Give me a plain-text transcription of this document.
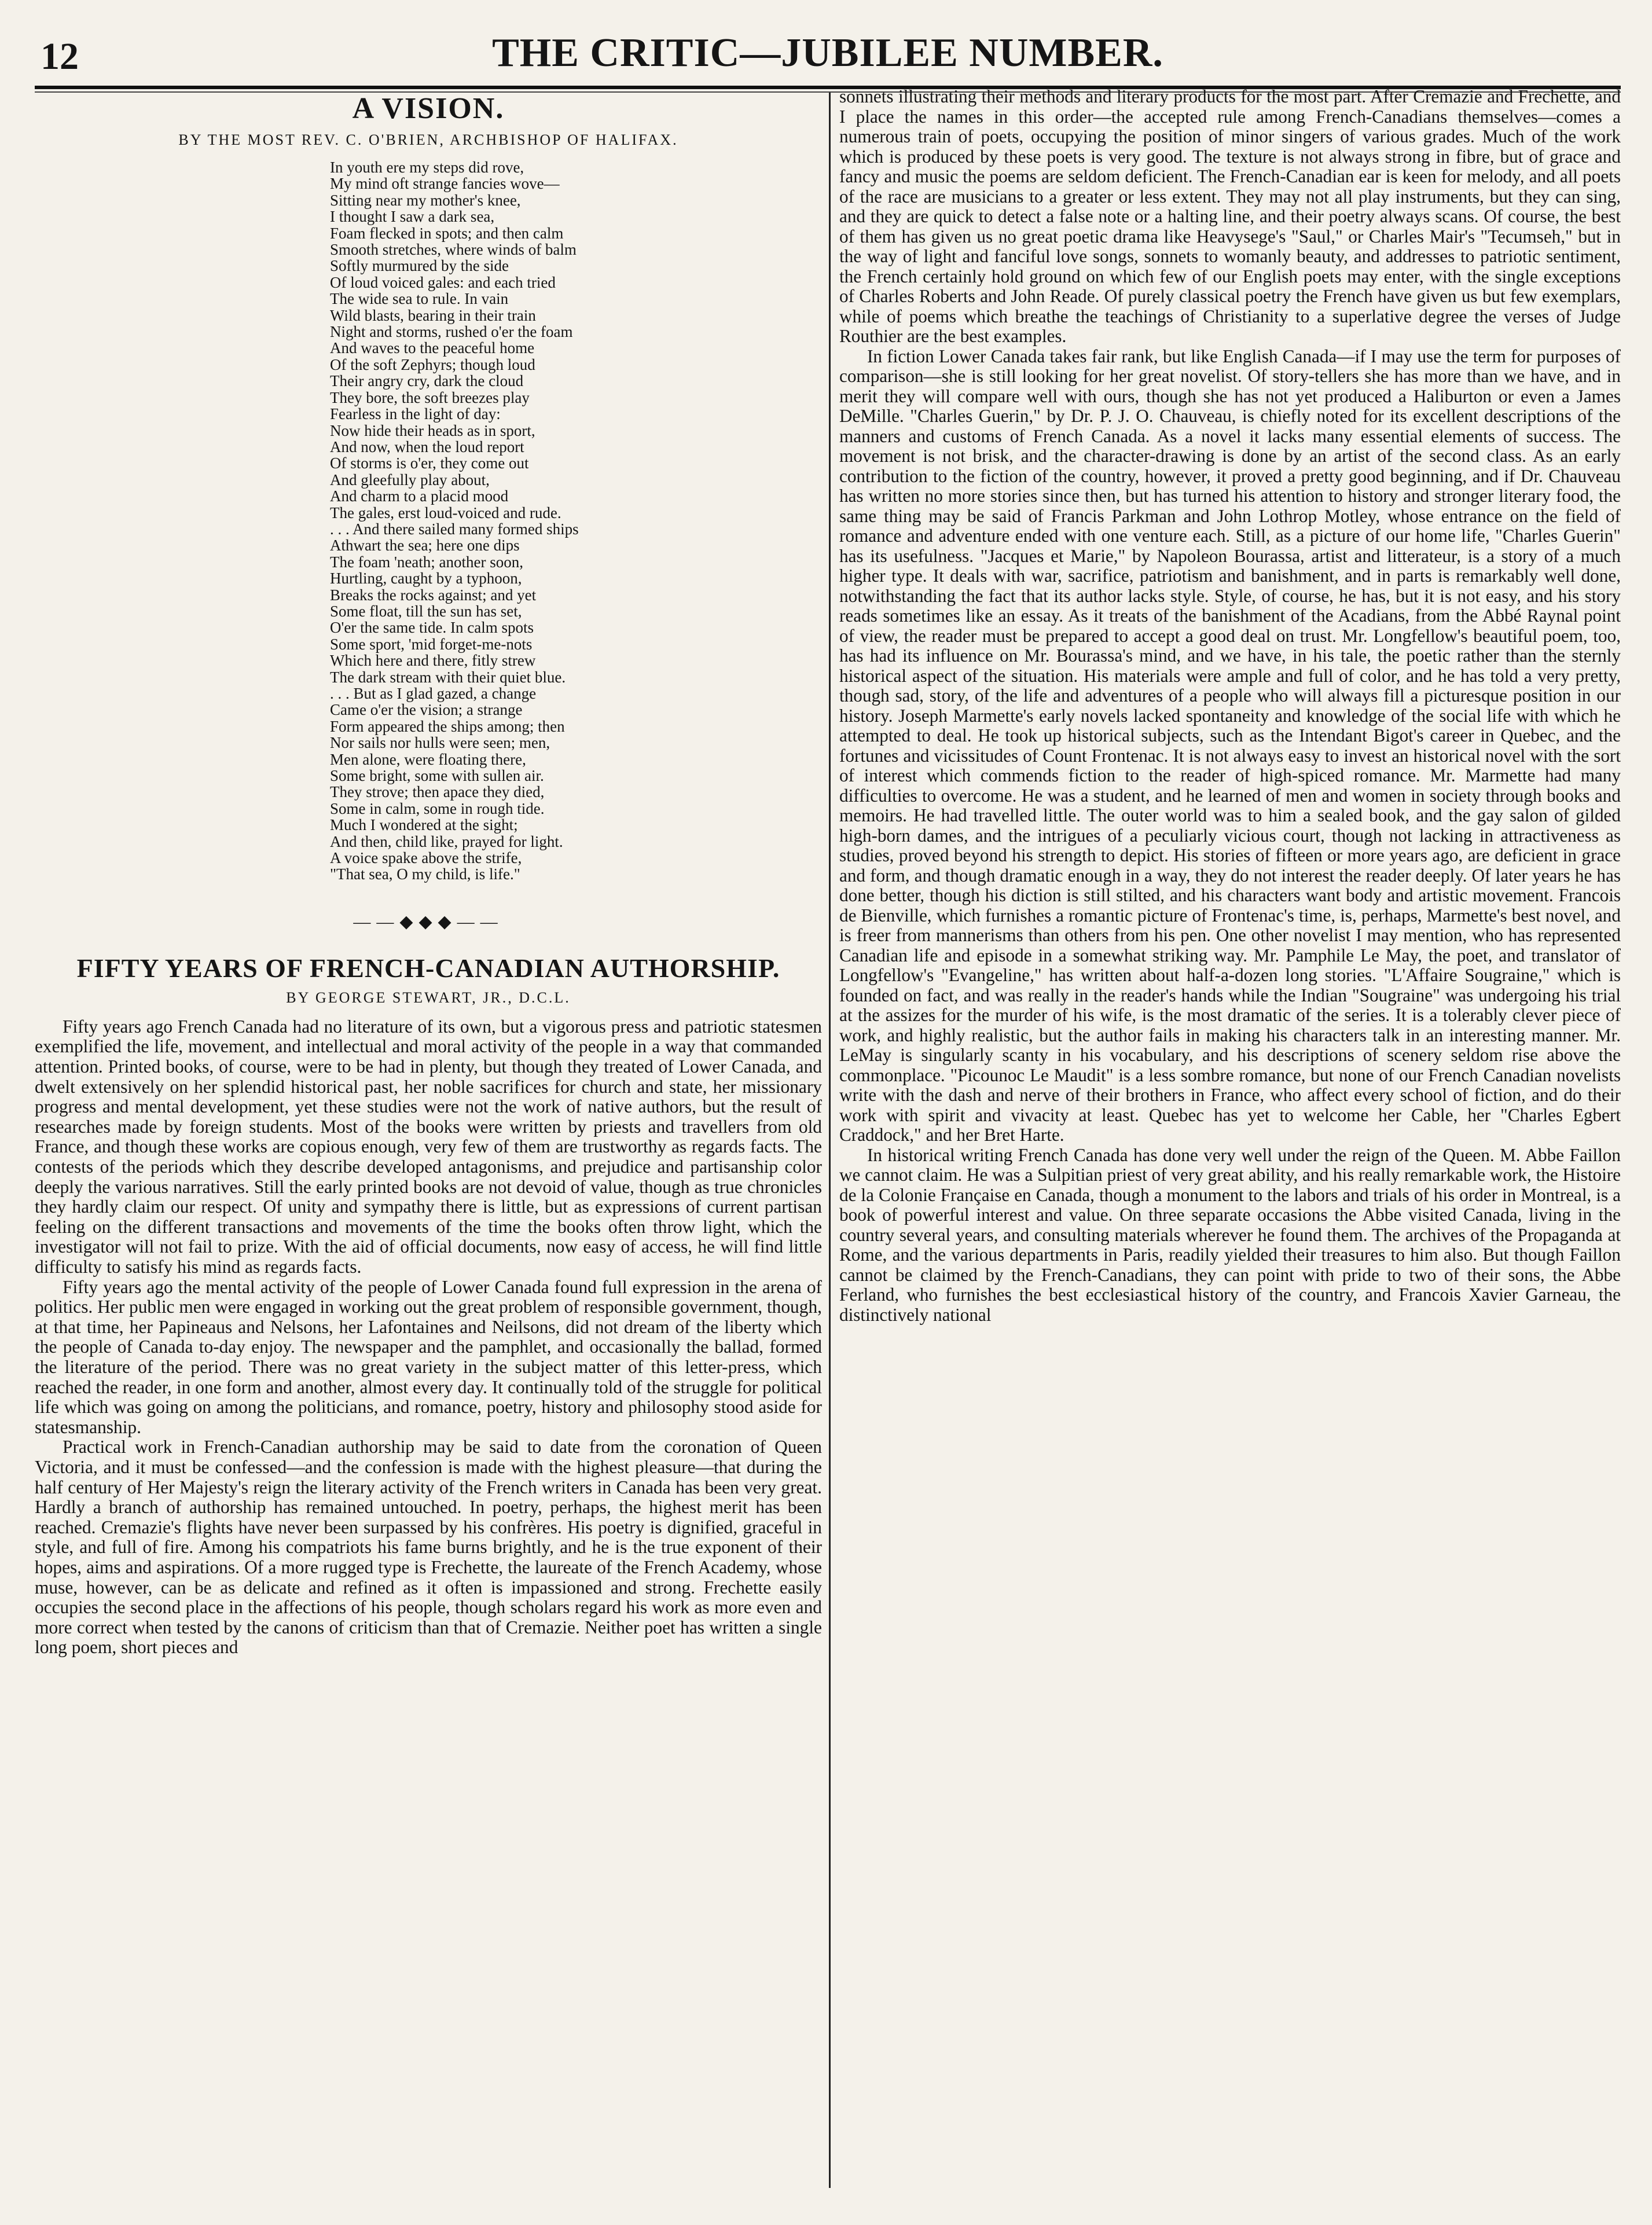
12	THE CRITIC—JUBILEE NUMBER.
A VISION.
BY THE MOST REV. C. O'BRIEN, ARCHBISHOP OF HALIFAX.
In youth ere my steps did rove,
My mind oft strange fancies wove—
Sitting near my mother's knee,
I thought I saw a dark sea,
Foam flecked in spots; and then calm
Smooth stretches, where winds of balm
Softly murmured by the side
Of loud voiced gales: and each tried
The wide sea to rule. In vain
Wild blasts, bearing in their train
Night and storms, rushed o'er the foam
And waves to the peaceful home
Of the soft Zephyrs; though loud
Their angry cry, dark the cloud
They bore, the soft breezes play
Fearless in the light of day:
Now hide their heads as in sport,
And now, when the loud report
Of storms is o'er, they come out
And gleefully play about,
And charm to a placid mood
The gales, erst loud-voiced and rude.
. . . And there sailed many formed ships
Athwart the sea; here one dips
The foam 'neath; another soon,
Hurtling, caught by a typhoon,
Breaks the rocks against; and yet
Some float, till the sun has set,
O'er the same tide. In calm spots
Some sport, 'mid forget-me-nots
Which here and there, fitly strew
The dark stream with their quiet blue.
. . . But as I glad gazed, a change
Came o'er the vision; a strange
Form appeared the ships among; then
Nor sails nor hulls were seen; men,
Men alone, were floating there,
Some bright, some with sullen air.
They strove; then apace they died,
Some in calm, some in rough tide.
Much I wondered at the sight;
And then, child like, prayed for light.
A voice spake above the strife,
"That sea, O my child, is life."
——◆◆◆——
FIFTY YEARS OF FRENCH-CANADIAN AUTHORSHIP.
BY GEORGE STEWART, JR., D.C.L.

Fifty years ago French Canada had no literature of its own, but a vigorous press and patriotic statesmen exemplified the life, movement, and intellectual and moral activity of the people in a way that commanded attention. Printed books, of course, were to be had in plenty, but though they treated of Lower Canada, and dwelt extensively on her splendid historical past, her noble sacrifices for church and state, her missionary progress and mental development, yet these studies were not the work of native authors, but the result of researches made by foreign students. Most of the books were written by priests and travellers from old France, and though these works are copious enough, very few of them are trustworthy as regards facts. The contests of the periods which they describe developed antagonisms, and prejudice and partisanship color deeply the various narratives. Still the early printed books are not devoid of value, though as true chronicles they hardly claim our respect. Of unity and sympathy there is little, but as expressions of current partisan feeling on the different transactions and movements of the time the books often throw light, which the investigator will not fail to prize. With the aid of official documents, now easy of access, he will find little difficulty to satisfy his mind as regards facts.

Fifty years ago the mental activity of the people of Lower Canada found full expression in the arena of politics. Her public men were engaged in working out the great problem of responsible government, though, at that time, her Papineaus and Nelsons, her Lafontaines and Neilsons, did not dream of the liberty which the people of Canada to-day enjoy. The newspaper and the pamphlet, and occasionally the ballad, formed the literature of the period. There was no great variety in the subject matter of this letter-press, which reached the reader, in one form and another, almost every day. It continually told of the struggle for political life which was going on among the politicians, and romance, poetry, history and philosophy stood aside for statesmanship.

Practical work in French-Canadian authorship may be said to date from the coronation of Queen Victoria, and it must be confessed—and the confession is made with the highest pleasure—that during the half century of Her Majesty's reign the literary activity of the French writers in Canada has been very great. Hardly a branch of authorship has remained untouched. In poetry, perhaps, the highest merit has been reached. Cremazie's flights have never been surpassed by his confrères. His poetry is dignified, graceful in style, and full of fire. Among his compatriots his fame burns brightly, and he is the true exponent of their hopes, aims and aspirations. Of a more rugged type is Frechette, the laureate of the French Academy, whose muse, however, can be as delicate and refined as it often is impassioned and strong. Frechette easily occupies the second place in the affections of his people, though scholars regard his work as more even and more correct when tested by the canons of criticism than that of Cremazie. Neither poet has written a single long poem, short pieces and

sonnets illustrating their methods and literary products for the most part. After Cremazie and Frechette, and I place the names in this order—the accepted rule among French-Canadians themselves—comes a numerous train of poets, occupying the position of minor singers of various grades. Much of the work which is produced by these poets is very good. The texture is not always strong in fibre, but of grace and fancy and music the poems are seldom deficient. The French-Canadian ear is keen for melody, and all poets of the race are musicians to a greater or less extent. They may not all play instruments, but they can sing, and they are quick to detect a false note or a halting line, and their poetry always scans. Of course, the best of them has given us no great poetic drama like Heavysege's "Saul," or Charles Mair's "Tecumseh," but in the way of light and fanciful love songs, sonnets to womanly beauty, and addresses to patriotic sentiment, the French certainly hold ground on which few of our English poets may enter, with the single exceptions of Charles Roberts and John Reade. Of purely classical poetry the French have given us but few exemplars, while of poems which breathe the teachings of Christianity to a superlative degree the verses of Judge Routhier are the best examples.

In fiction Lower Canada takes fair rank, but like English Canada—if I may use the term for purposes of comparison—she is still looking for her great novelist. Of story-tellers she has more than we have, and in merit they will compare well with ours, though she has not yet produced a Haliburton or even a James DeMille. "Charles Guerin," by Dr. P. J. O. Chauveau, is chiefly noted for its excellent descriptions of the manners and customs of French Canada. As a novel it lacks many essential elements of success. The movement is not brisk, and the character-drawing is done by an artist of the second class. As an early contribution to the fiction of the country, however, it proved a pretty good beginning, and if Dr. Chauveau has written no more stories since then, but has turned his attention to history and stronger literary food, the same thing may be said of Francis Parkman and John Lothrop Motley, whose entrance on the field of romance and adventure ended with one venture each. Still, as a picture of our home life, "Charles Guerin" has its usefulness. "Jacques et Marie," by Napoleon Bourassa, artist and litterateur, is a story of a much higher type. It deals with war, sacrifice, patriotism and banishment, and in parts is remarkably well done, notwithstanding the fact that its author lacks style. Style, of course, he has, but it is not easy, and his story reads sometimes like an essay. As it treats of the banishment of the Acadians, from the Abbé Raynal point of view, the reader must be prepared to accept a good deal on trust. Mr. Longfellow's beautiful poem, too, has had its influence on Mr. Bourassa's mind, and we have, in his tale, the poetic rather than the sternly historical aspect of the situation. His materials were ample and full of color, and he has told a very pretty, though sad, story, of the life and adventures of a people who will always fill a picturesque position in our history. Joseph Marmette's early novels lacked spontaneity and knowledge of the social life with which he attempted to deal. He took up historical subjects, such as the Intendant Bigot's career in Quebec, and the fortunes and vicissitudes of Count Frontenac. It is not always easy to invest an historical novel with the sort of interest which commends fiction to the reader of high-spiced romance. Mr. Marmette had many difficulties to overcome. He was a student, and he learned of men and women in society through books and memoirs. He had travelled little. The outer world was to him a sealed book, and the gay salon of gilded high-born dames, and the intrigues of a peculiarly vicious court, though not lacking in attractiveness as studies, proved beyond his strength to depict. His stories of fifteen or more years ago, are deficient in grace and form, and though dramatic enough in a way, they do not interest the reader deeply. Of later years he has done better, though his diction is still stilted, and his characters want body and artistic movement. Francois de Bienville, which furnishes a romantic picture of Frontenac's time, is, perhaps, Marmette's best novel, and is freer from mannerisms than others from his pen. One other novelist I may mention, who has represented Canadian life and episode in a somewhat striking way. Mr. Pamphile Le May, the poet, and translator of Longfellow's "Evangeline," has written about half-a-dozen long stories. "L'Affaire Sougraine," which is founded on fact, and was really in the reader's hands while the Indian "Sougraine" was undergoing his trial at the assizes for the murder of his wife, is the most dramatic of the series. It is a tolerably clever piece of work, and highly realistic, but the author fails in making his characters talk in an interesting manner. Mr. LeMay is singularly scanty in his vocabulary, and his descriptions of scenery seldom rise above the commonplace. "Picounoc Le Maudit" is a less sombre romance, but none of our French Canadian novelists write with the dash and nerve of their brothers in France, who affect every school of fiction, and do their work with spirit and vivacity at least. Quebec has yet to welcome her Cable, her "Charles Egbert Craddock," and her Bret Harte.

In historical writing French Canada has done very well under the reign of the Queen. M. Abbe Faillon we cannot claim. He was a Sulpitian priest of very great ability, and his really remarkable work, the Histoire de la Colonie Française en Canada, though a monument to the labors and trials of his order in Montreal, is a book of powerful interest and value. On three separate occasions the Abbe visited Canada, living in the country several years, and consulting materials wherever he found them. The archives of the Propaganda at Rome, and the various departments in Paris, readily yielded their treasures to him also. But though Faillon cannot be claimed by the French-Canadians, they can point with pride to two of their sons, the Abbe Ferland, who furnishes the best ecclesiastical history of the country, and Francois Xavier Garneau, the distinctively national
